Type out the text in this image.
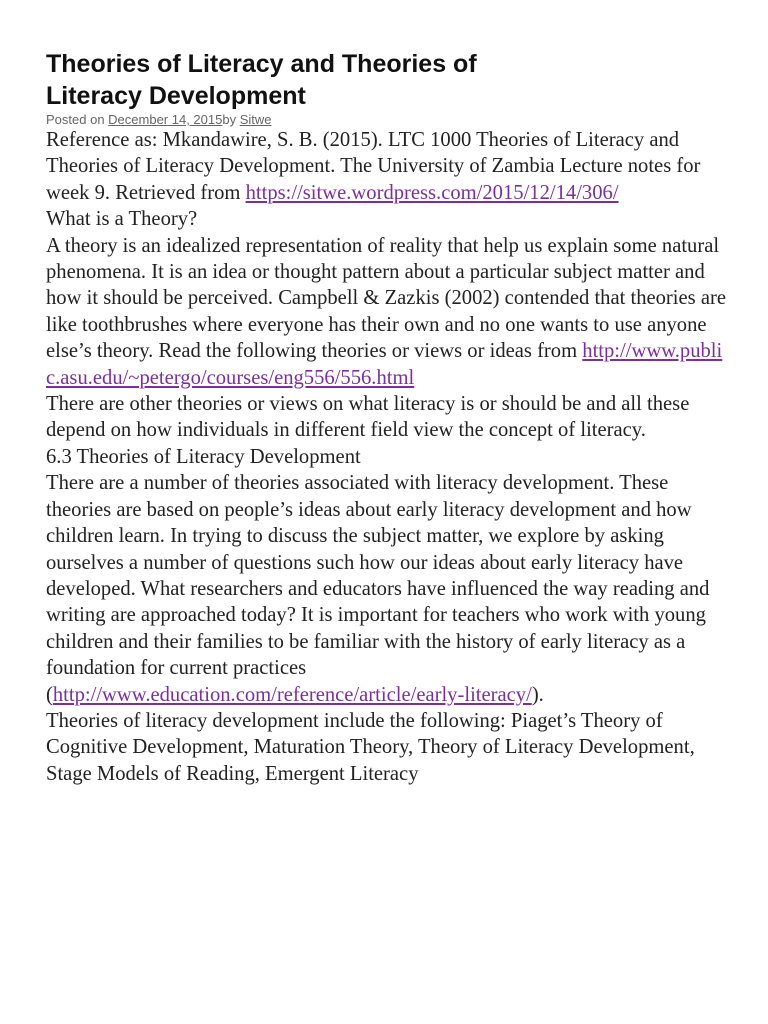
Theories of Literacy and Theories of Literacy Development
Posted on December 14, 2015by Sitwe

Reference as: Mkandawire, S. B. (2015). LTC 1000 Theories of Literacy and Theories of Literacy Development. The University of Zambia Lecture notes for week 9. Retrieved from https://sitwe.wordpress.com/2015/12/14/306/

What is a Theory?

A theory is an idealized representation of reality that help us explain some natural phenomena. It is an idea or thought pattern about a particular subject matter and how it should be perceived. Campbell & Zazkis (2002) contended that theories are like toothbrushes where everyone has their own and no one wants to use anyone else’s theory. Read the following theories or views or ideas from http://www.public.asu.edu/~petergo/courses/eng556/556.html

There are other theories or views on what literacy is or should be and all these depend on how individuals in different field view the concept of literacy.

6.3 Theories of Literacy Development

There are a number of theories associated with literacy development. These theories are based on people’s ideas about early literacy development and how children learn. In trying to discuss the subject matter, we explore by asking ourselves a number of questions such how our ideas about early literacy have developed. What researchers and educators have influenced the way reading and writing are approached today? It is important for teachers who work with young children and their families to be familiar with the history of early literacy as a foundation for current practices (http://www.education.com/reference/article/early-literacy/).

Theories of literacy development include the following: Piaget’s Theory of Cognitive Development, Maturation Theory, Theory of Literacy Development, Stage Models of Reading, Emergent Literacy
